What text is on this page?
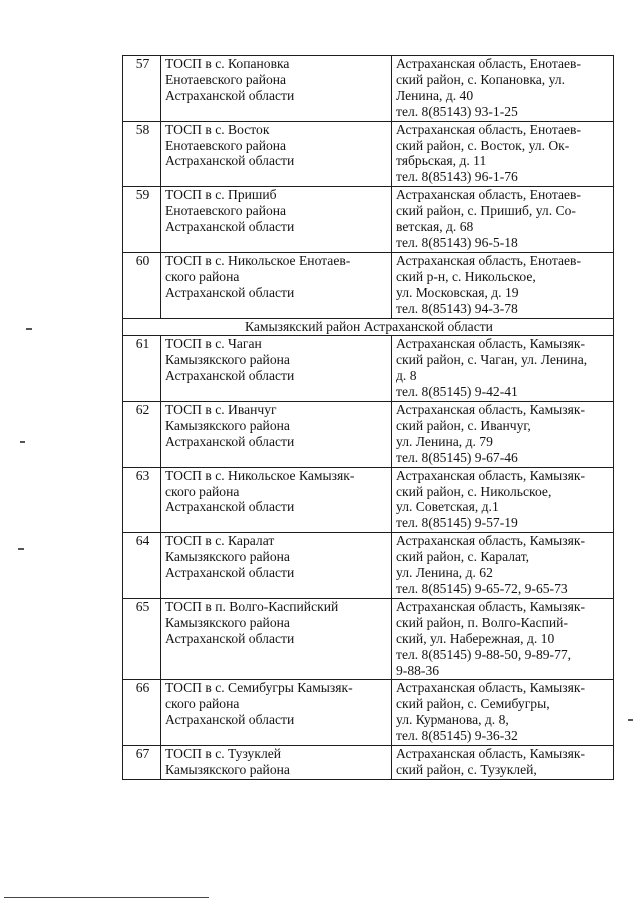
57	ТОСП в с. Копановка
Енотаевского района
Астраханской области	Астраханская область, Енотаев-
ский район, с. Копановка, ул.
Ленина, д. 40
тел. 8(85143) 93-1-25

58	ТОСП в с. Восток
Енотаевского района
Астраханской области	Астраханская область, Енотаев-
ский район, с. Восток, ул. Ок-
тябрьская, д. 11
тел. 8(85143) 96-1-76

59	ТОСП в с. Пришиб
Енотаевского района
Астраханской области	Астраханская область, Енотаев-
ский район, с. Пришиб, ул. Со-
ветская, д. 68
тел. 8(85143) 96-5-18

60	ТОСП в с. Никольское Енотаев-
ского района
Астраханской области	Астраханская область, Енотаев-
ский р-н, с. Никольское,
ул. Московская, д. 19
тел. 8(85143) 94-3-78

Камызякский район Астраханской области		
61	ТОСП в с. Чаган
Камызякского района
Астраханской области	Астраханская область, Камызяк-
ский район, с. Чаган, ул. Ленина,
д. 8
тел. 8(85145) 9-42-41

62	ТОСП в с. Иванчуг
Камызякского района
Астраханской области	Астраханская область, Камызяк-
ский район, с. Иванчуг,
ул. Ленина, д. 79
тел. 8(85145) 9-67-46

63	ТОСП в с. Никольское Камызяк-
ского района
Астраханской области	Астраханская область, Камызяк-
ский район, с. Никольское,
ул. Советская, д.1
тел. 8(85145) 9-57-19

64	ТОСП в с. Каралат
Камызякского района
Астраханской области	Астраханская область, Камызяк-
ский район, с. Каралат,
ул. Ленина, д. 62
тел. 8(85145) 9-65-72, 9-65-73

65	ТОСП в п. Волго-Каспийский
Камызякского района
Астраханской области	Астраханская область, Камызяк-
ский район, п. Волго-Каспий-
ский, ул. Набережная, д. 10
тел. 8(85145) 9-88-50, 9-89-77,
9-88-36

66	ТОСП в с. Семибугры Камызяк-
ского района
Астраханской области	Астраханская область, Камызяк-
ский район, с. Семибугры,
ул. Курманова, д. 8,
тел. 8(85145) 9-36-32

67	ТОСП в с. Тузуклей
Камызякского района	Астраханская область, Камызяк-
ский район, с. Тузуклей,
